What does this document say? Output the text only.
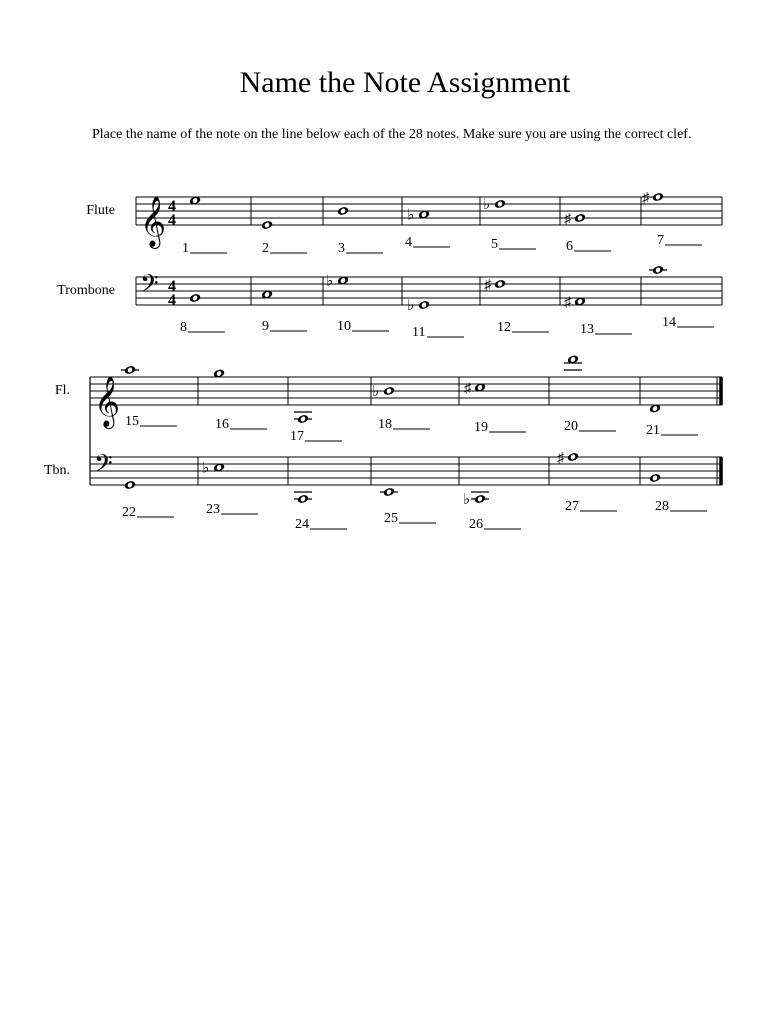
Name the Note Assignment
Place the name of the note on the line below each of the 28 notes. Make sure you are using the correct clef.
Flute 𝄞 4
4
1	2	3
♭
4
♭
5
♯
6
♯
7
Trombone 𝄢 4
4
8	9
♭
10
♭
11
♯
12
♯
13	14
Fl. 𝄞 15	16
17
♭
18
♯
19	20	21
Tbn. 𝄢
22
♭
23
24	25
♭
26
♯
27	28
